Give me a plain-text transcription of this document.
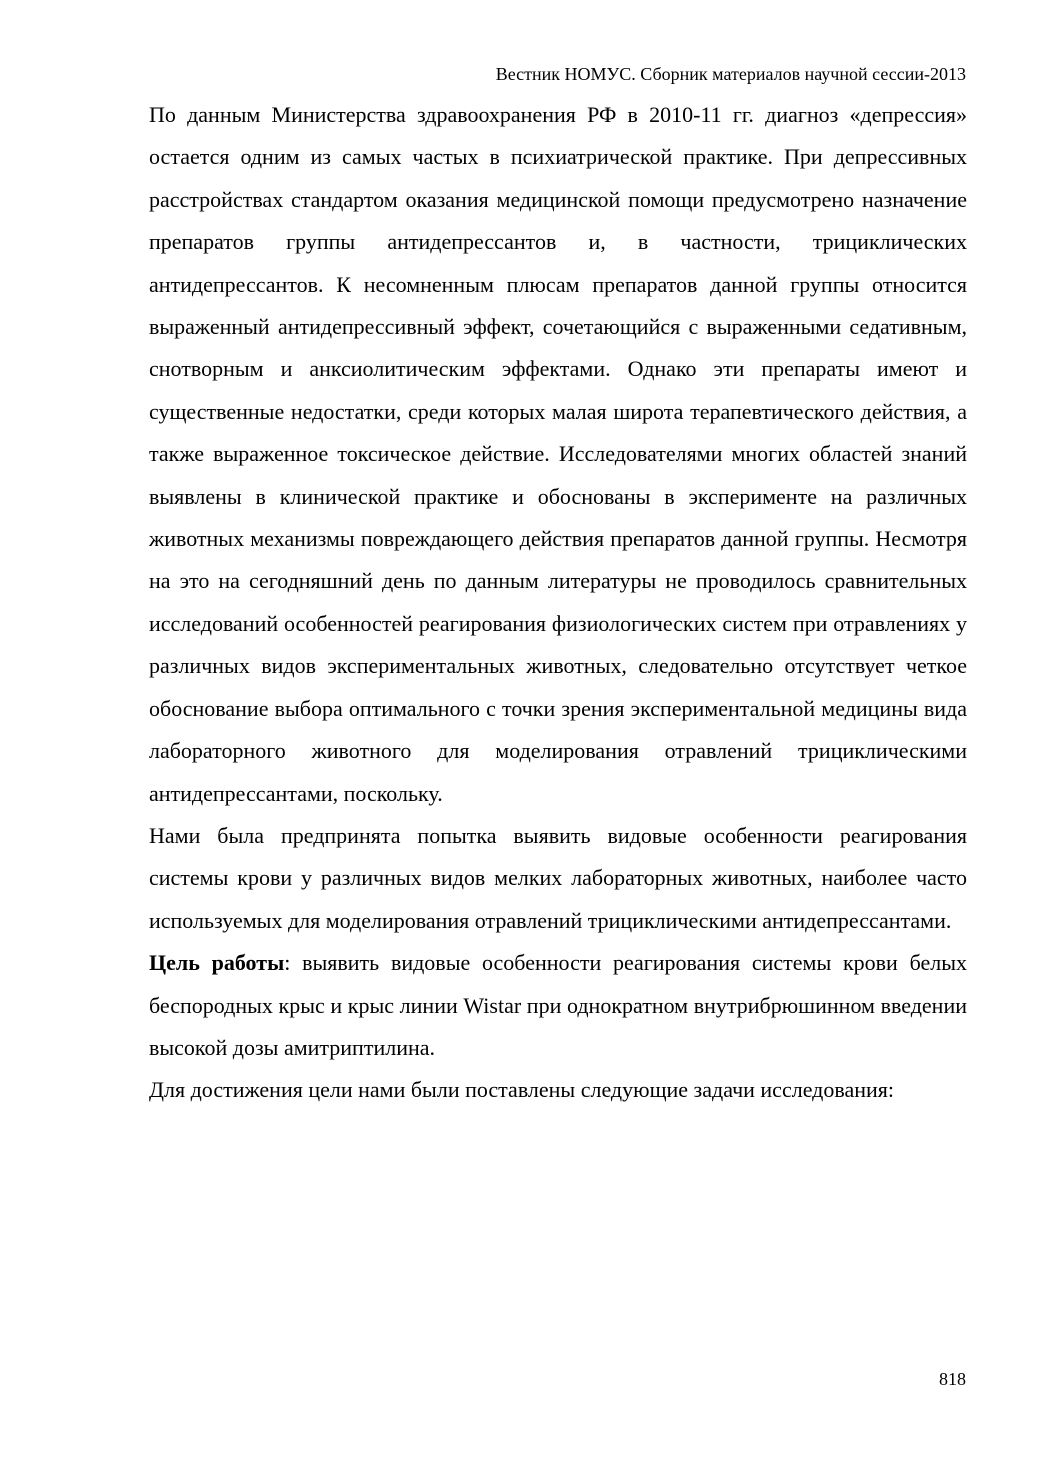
Вестник НОМУС. Сборник материалов научной сессии-2013

По данным Министерства здравоохранения РФ в 2010-11 гг. диагноз «депрессия» остается одним из самых частых в психиатрической практике. При депрессивных расстройствах стандартом оказания медицинской помощи предусмотрено назначение препаратов группы антидепрессантов и, в частности, трициклических антидепрессантов. К несомненным плюсам препаратов данной группы относится выраженный антидепрессивный эффект, сочетающийся с выраженными седативным, снотворным и анксиолитическим эффектами. Однако эти препараты имеют и существенные недостатки, среди которых малая широта терапевтического действия, а также выраженное токсическое действие. Исследователями многих областей знаний выявлены в клинической практике и обоснованы в эксперименте на различных животных механизмы повреждающего действия препаратов данной группы. Несмотря на это на сегодняшний день по данным литературы не проводилось сравнительных исследований особенностей реагирования физиологических систем при отравлениях у различных видов экспериментальных животных, следовательно отсутствует четкое обоснование выбора оптимального с точки зрения экспериментальной медицины вида лабораторного животного для моделирования отравлений трициклическими антидепрессантами, поскольку.

Нами была предпринята попытка выявить видовые особенности реагирования системы крови у различных видов мелких лабораторных животных, наиболее часто используемых для моделирования отравлений трициклическими антидепрессантами.

Цель работы: выявить видовые особенности реагирования системы крови белых беспородных крыс и крыс линии Wistar при однократном внутрибрюшинном введении высокой дозы амитриптилина.

Для достижения цели нами были поставлены следующие задачи исследования:

818
